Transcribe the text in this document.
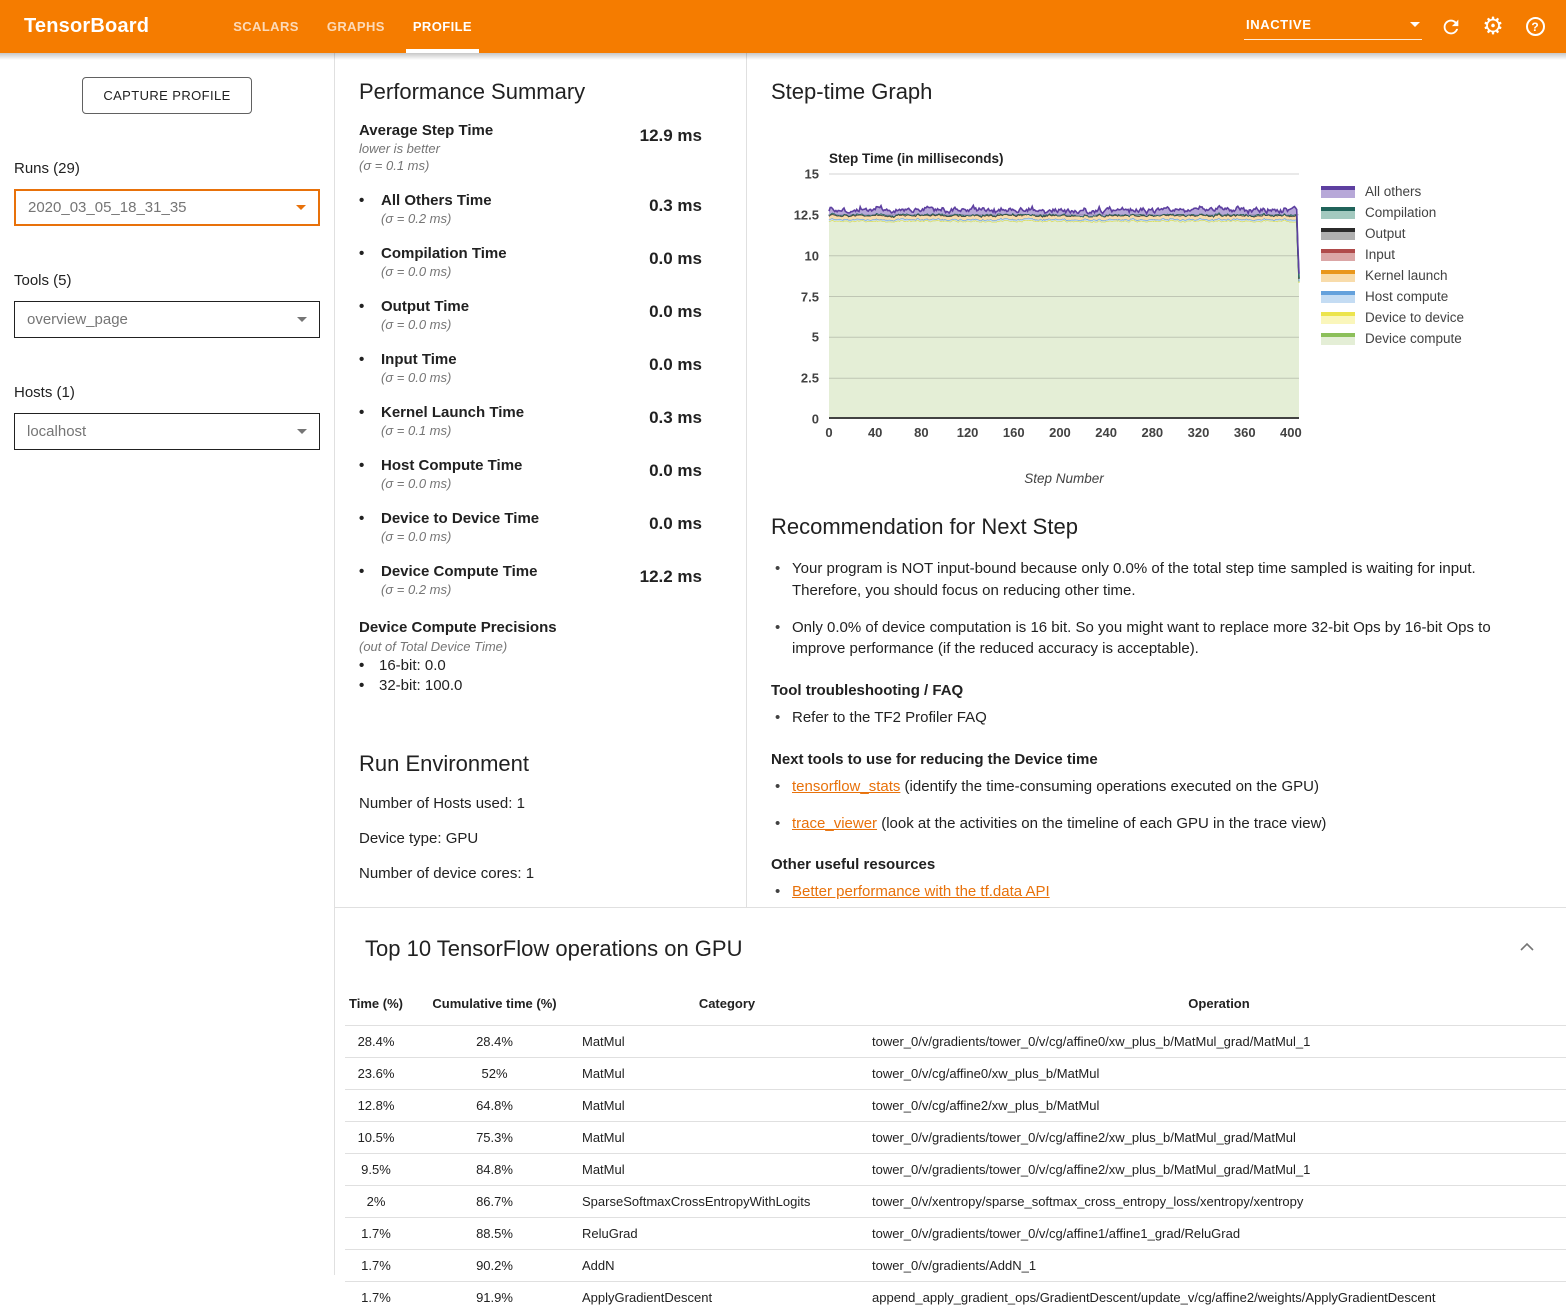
TensorBoard	SCALARS	GRAPHS	PROFILE	INACTIVE	⚙	?
CAPTURE PROFILE
Runs (29)
2020_03_05_18_31_35
Tools (5)
overview_page
Hosts (1)
localhost
Performance Summary
Average Step Time
lower is better
(σ = 0.1 ms)
12.9 ms
• All Others Time
(σ = 0.2 ms)
0.3 ms
• Compilation Time
(σ = 0.0 ms)
0.0 ms
• Output Time
(σ = 0.0 ms)
0.0 ms
• Input Time
(σ = 0.0 ms)
0.0 ms
• Kernel Launch Time
(σ = 0.1 ms)
0.3 ms
• Host Compute Time
(σ = 0.0 ms)
0.0 ms
• Device to Device Time
(σ = 0.0 ms)
0.0 ms
• Device Compute Time
(σ = 0.2 ms)
12.2 ms
Device Compute Precisions
(out of Total Device Time)
• 16-bit: 0.0
• 32-bit: 100.0
Run Environment
Number of Hosts used: 1
Device type: GPU
Number of device cores: 1
Step-time Graph
Step Time (in milliseconds)
0
2.5
5
7.5
10
12.5
15
0	40 80 120 160 200 240 280 320 360 400
Step Number
All others
Compilation
Output
Input
Kernel launch
Host compute
Device to device
Device compute
Recommendation for Next Step
• Your program is NOT input-bound because only 0.0% of the total step time sampled is waiting for input. Therefore, you should focus on reducing other time.
• Only 0.0% of device computation is 16 bit. So you might want to replace more 32-bit Ops by 16-bit Ops to improve performance (if the reduced accuracy is acceptable).
Tool troubleshooting / FAQ
• Refer to the TF2 Profiler FAQ
Next tools to use for reducing the Device time
• tensorflow_stats (identify the time-consuming operations executed on the GPU)
• trace_viewer (look at the activities on the timeline of each GPU in the trace view)
Other useful resources
• Better performance with the tf.data API
Top 10 TensorFlow operations on GPU
Time (%)	Cumulative time (%)	Category	Operation
28.4%	28.4%	MatMul	tower_0/v/gradients/tower_0/v/cg/affine0/xw_plus_b/MatMul_grad/MatMul_1
23.6%	52%	MatMul	tower_0/v/cg/affine0/xw_plus_b/MatMul
12.8%	64.8%	MatMul	tower_0/v/cg/affine2/xw_plus_b/MatMul
10.5%	75.3%	MatMul	tower_0/v/gradients/tower_0/v/cg/affine2/xw_plus_b/MatMul_grad/MatMul
9.5%	84.8%	MatMul	tower_0/v/gradients/tower_0/v/cg/affine2/xw_plus_b/MatMul_grad/MatMul_1
2%	86.7%	SparseSoftmaxCrossEntropyWithLogits	tower_0/v/xentropy/sparse_softmax_cross_entropy_loss/xentropy/xentropy
1.7%	88.5%	ReluGrad	tower_0/v/gradients/tower_0/v/cg/affine1/affine1_grad/ReluGrad
1.7%	90.2%	AddN	tower_0/v/gradients/AddN_1
1.7%	91.9%	ApplyGradientDescent	append_apply_gradient_ops/GradientDescent/update_v/cg/affine2/weights/ApplyGradientDescent
